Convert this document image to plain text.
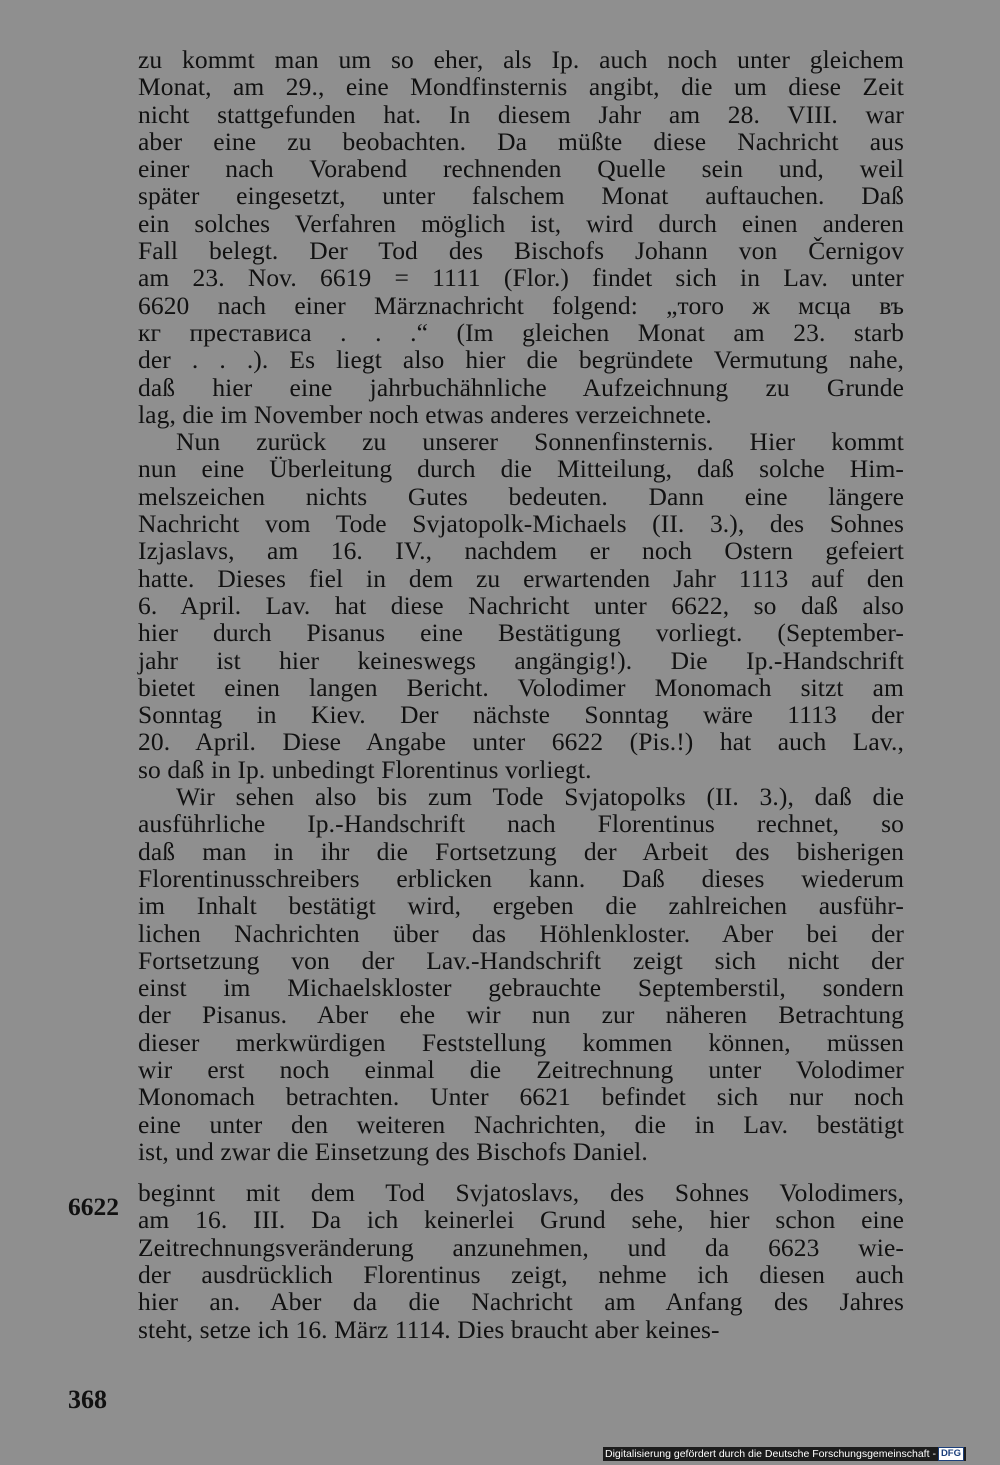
zu kommt man um so eher, als Ip. auch noch unter gleichem
Monat, am 29., eine Mondfinsternis angibt, die um diese Zeit
nicht stattgefunden hat. In diesem Jahr am 28. VIII. war
aber eine zu beobachten. Da müßte diese Nachricht aus
einer nach Vorabend rechnenden Quelle sein und, weil
später eingesetzt, unter falschem Monat auftauchen. Daß
ein solches Verfahren möglich ist, wird durch einen anderen
Fall belegt. Der Tod des Bischofs Johann von Černigov
am 23. Nov. 6619 = 1111 (Flor.) findet sich in Lav. unter
6620 nach einer Märznachricht folgend: „того ж мсца въ
кг престависа . . .“ (Im gleichen Monat am 23. starb
der . . .). Es liegt also hier die begründete Vermutung nahe,
daß hier eine jahrbuchähnliche Aufzeichnung zu Grunde
lag, die im November noch etwas anderes verzeichnete.
Nun zurück zu unserer Sonnenfinsternis. Hier kommt
nun eine Überleitung durch die Mitteilung, daß solche Him-
melszeichen nichts Gutes bedeuten. Dann eine längere
Nachricht vom Tode Svjatopolk-Michaels (II. 3.), des Sohnes
Izjaslavs, am 16. IV., nachdem er noch Ostern gefeiert
hatte. Dieses fiel in dem zu erwartenden Jahr 1113 auf den
6. April. Lav. hat diese Nachricht unter 6622, so daß also
hier durch Pisanus eine Bestätigung vorliegt. (September-
jahr ist hier keineswegs angängig!). Die Ip.-Handschrift
bietet einen langen Bericht. Volodimer Monomach sitzt am
Sonntag in Kiev. Der nächste Sonntag wäre 1113 der
20. April. Diese Angabe unter 6622 (Pis.!) hat auch Lav.,
so daß in Ip. unbedingt Florentinus vorliegt.
Wir sehen also bis zum Tode Svjatopolks (II. 3.), daß die
ausführliche Ip.-Handschrift nach Florentinus rechnet, so
daß man in ihr die Fortsetzung der Arbeit des bisherigen
Florentinusschreibers erblicken kann. Daß dieses wiederum
im Inhalt bestätigt wird, ergeben die zahlreichen ausführ-
lichen Nachrichten über das Höhlenkloster. Aber bei der
Fortsetzung von der Lav.-Handschrift zeigt sich nicht der
einst im Michaelskloster gebrauchte Septemberstil, sondern
der Pisanus. Aber ehe wir nun zur näheren Betrachtung
dieser merkwürdigen Feststellung kommen können, müssen
wir erst noch einmal die Zeitrechnung unter Volodimer
Monomach betrachten. Unter 6621 befindet sich nur noch
eine unter den weiteren Nachrichten, die in Lav. bestätigt
ist, und zwar die Einsetzung des Bischofs Daniel.
beginnt mit dem Tod Svjatoslavs, des Sohnes Volodimers,
am 16. III. Da ich keinerlei Grund sehe, hier schon eine
Zeitrechnungsveränderung anzunehmen, und da 6623 wie-
der ausdrücklich Florentinus zeigt, nehme ich diesen auch
hier an. Aber da die Nachricht am Anfang des Jahres
steht, setze ich 16. März 1114. Dies braucht aber keines-
6622
368
Digitalisierung gefördert durch die Deutsche Forschungsgemeinschaft - DFG
